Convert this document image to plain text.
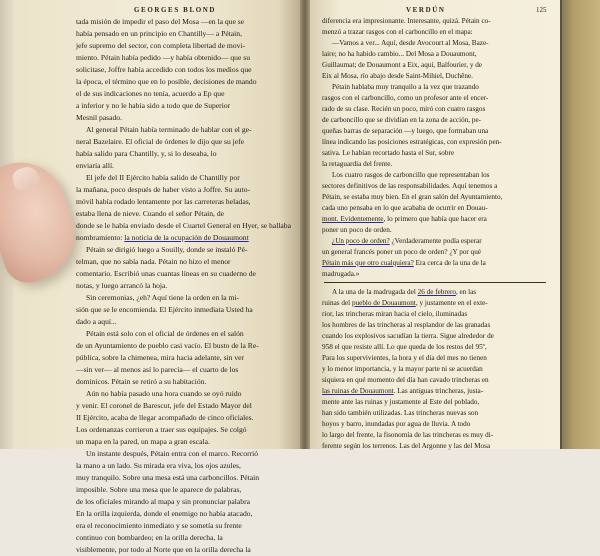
GEORGES BLOND
tada misión de impedir el paso del Mosa —en la que se
había pensado en un principio en Chantilly— a Pétain,
jefe supremo del sector, con completa libertad de movi-
miento. Pétain había pedido —y había obtenido— que su
solicitase, Joffre había accedido con todos los medios que
la época, el término que en lo posible, decisiones de mando
el de sus indicaciones no tenía, acuerdo a Ep que
a inferior y no le había sido a todo que de Superior
Mesnil pasado.
Al general Pétain había terminado de hablar con el ge-
neral Bazelaire. El oficial de órdenes le dijo que su jefe
había salido para Chantilly, y, si lo deseaba, lo
enviaría allí.
El jefe del II Ejército había salido de Chantilly por
la mañana, poco después de haber visto a Joffre. Su auto-
móvil había rodado lentamente por las carreteras heladas,
estaba llena de nieve. Cuando el señor Pétain, de
donde se le había enviado desde el Cuartel General en Hyer, se hallaba
nombramiento: la noticia de la ocupación de Douaumont
Pétain se dirigió luego a Souilly, donde se instaló Pé-
telman, que no sabía nada. Pétain no hizo el menor
comentario. Escribió unas cuantas líneas en su cuaderno de
notas, y luego arrancó la hoja.
Sin ceremonias, ¿eh? Aquí tiene la orden en la mi-
sión que se le encomienda. El Ejército inmediata Usted ha
dado a aquí...
Pétain está solo con el oficial de órdenes en el salón
de un Ayuntamiento de pueblo casi vacío. El busto de la Re-
pública, sobre la chimenea, mira hacia adelante, sin ver
—sin ver— al menos así lo parecía— el cuarto de los
dominicos. Pétain se retiró a su habitación.
Aún no había pasado una hora cuando se oyó ruido
y venir. El coronel de Barescut, jefe del Estado Mayor del
II Ejército, acaba de llegar acompañado de cinco oficiales.
Los ordenanzas corrieron a traer sus equipajes. Se colgó
un mapa en la pared, un mapa a gran escala.
Un instante después, Pétain entra con el marco. Recorrió
la mano a un lado. Su mirada era viva, los ojos azules,
muy tranquilo. Sobre una mesa está una carboncillos. Pétain
imposible. Sobre una mesa que le aparece de palabras,
de los oficiales mirando al mapa y sin pronunciar palabra
En la orilla izquierda, donde el enemigo no había atacado,
era el reconocimiento inmediato y se sometía su frente
continuo con bombardeo; en la orilla derecha, la
visiblemente, por todo al Norte que en la orilla derecha la
VERDÚN	125
diferencia era impresionante. Interesante, quizá. Pétain co-
menzó a trazar rasgos con el carboncillo en el mapa:
—Vamos a ver... Aquí, desde Avocourt al Mosa, Baze-
laire; no ha habido cambio... Del Mosa a Douaumont,
Guillaumat; de Douaumont a Eix, aquí, Balfourier, y de
Eix al Mosa, río abajo desde Saint-Mihiel, Duchêne.
Pétain hablaba muy tranquilo a la vez que trazando
rasgos con el carboncillo, como un profesor ante el encer-
rado de su clase. Recién un poco, miró con cuatro rasgos
de carboncillo que se dividían en la zona de acción, pe-
queñas barras de separación —y luego, que formaban una
línea indicando las posiciones estratégicas, con expresión pen-
sativa. Le habían recortado hasta el Sur, sobre
la retaguardia del frente.
Los cuatro rasgos de carboncillo que representaban los
sectores definitivos de las responsabilidades. Aquí tenemos a
Pétain, se estaba muy bien. En el gran salón del Ayuntamiento,
cada uno pensaba en lo que acababa de ocurrir en Douau-
mont. Evidentemente, lo primero que había que hacer era
poner un poco de orden.
¿Un poco de orden? ¿Verdaderamente podía esperar
un general francés poner un poco de orden? ¿Y por qué
Pétain más que otro cualquiera? Era cerca de la una de la
madrugada.»
A la una de la madrugada del 26 de febrero, en las
ruinas del pueblo de Douaumont, y justamente en el exte-
rior, las trincheras miran hacia el cielo, iluminadas
los hombres de las trincheras al resplandor de las granadas
cuando los explosivos sacudían la tierra. Sigue alrededor de
958 el que resiste allí. Lo que queda de los restos del 95º,
Para los supervivientes, la hora y el día del mes no tienen
y lo menor importancia, y la mayor parte ni se acuerdan
siquiera en qué momento del día han cavado trincheras en
las ruinas de Douaumont. Las antiguas trincheras, justa-
mente ante las ruinas y justamente al Este del poblado,
han sido también utilizadas. Las trincheras nuevas son
hoyos y barro, inundadas por agua de lluvia. A todo
lo largo del frente, la fisonomía de las trincheras es muy di-
ferente según los terrenos. Las del Argonne y las del Mosa
